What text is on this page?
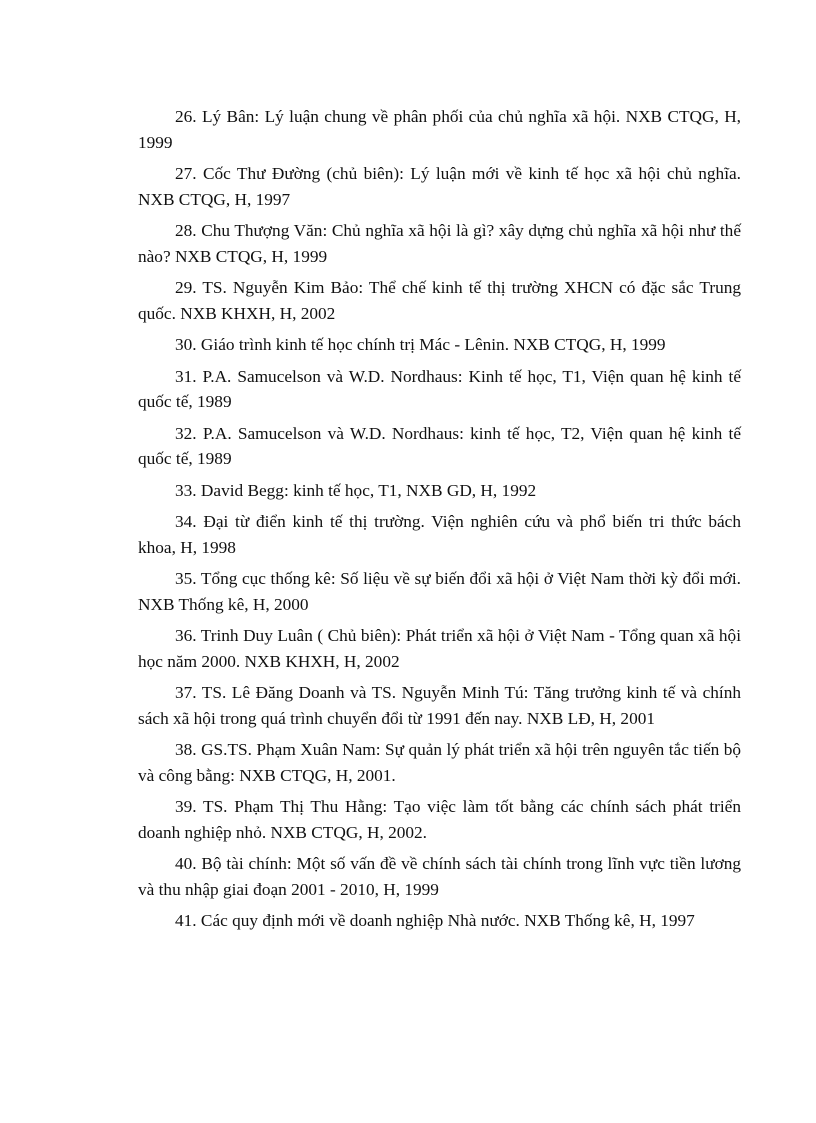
26. Lý Bân: Lý luận chung về phân phối của chủ nghĩa xã hội. NXB CTQG, H, 1999

27. Cốc Thư Đường (chủ biên): Lý luận mới về kinh tế học xã hội chủ nghĩa. NXB CTQG, H, 1997

28. Chu Thượng Văn: Chủ nghĩa xã hội là gì? xây dựng chủ nghĩa xã hội như thế nào? NXB CTQG, H, 1999

29. TS. Nguyễn Kim Bảo: Thể chế kinh tế thị trường XHCN có đặc sắc Trung quốc. NXB KHXH, H, 2002

30. Giáo trình kinh tế học chính trị Mác - Lênin. NXB CTQG, H, 1999

31. P.A. Samucelson và W.D. Nordhaus: Kinh tế học, T1, Viện quan hệ kinh tế quốc tế, 1989

32. P.A. Samucelson và W.D. Nordhaus: kinh tế học, T2, Viện quan hệ kinh tế quốc tế, 1989

33. David Begg: kinh tế học, T1, NXB GD, H, 1992

34. Đại từ điển kinh tế thị trường. Viện nghiên cứu và phổ biến tri thức bách khoa, H, 1998

35. Tổng cục thống kê: Số liệu về sự biến đổi xã hội ở Việt Nam thời kỳ đổi mới. NXB Thống kê, H, 2000

36. Trinh Duy Luân ( Chủ biên): Phát triển xã hội ở Việt Nam - Tổng quan xã hội học năm 2000. NXB KHXH, H, 2002

37. TS. Lê Đăng Doanh và TS. Nguyễn Minh Tú: Tăng trưởng kinh tế và chính sách xã hội trong quá trình chuyển đổi từ 1991 đến nay. NXB LĐ, H, 2001

38. GS.TS. Phạm Xuân Nam: Sự quản lý phát triển xã hội trên nguyên tắc tiến bộ và công bằng: NXB CTQG, H, 2001.

39. TS. Phạm Thị Thu Hằng: Tạo việc làm tốt bằng các chính sách phát triển doanh nghiệp nhỏ. NXB CTQG, H, 2002.

40. Bộ tài chính: Một số vấn đề về chính sách tài chính trong lĩnh vực tiền lương và thu nhập giai đoạn 2001 - 2010, H, 1999

41. Các quy định mới về doanh nghiệp Nhà nước. NXB Thống kê, H, 1997
